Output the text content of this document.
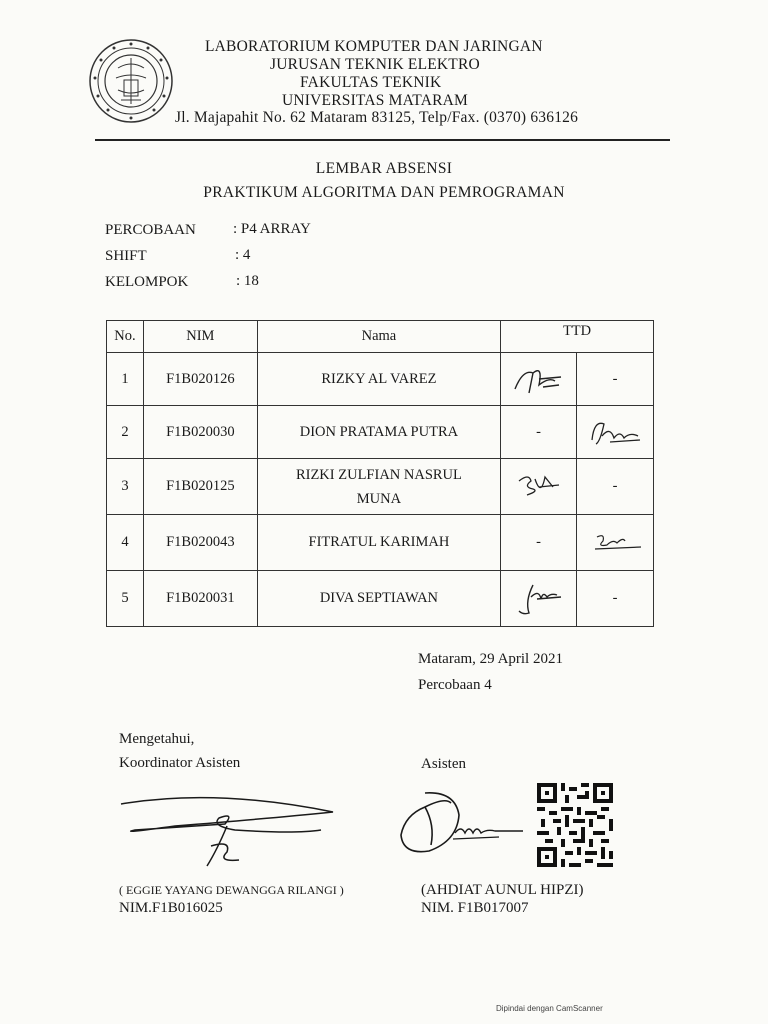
LABORATORIUM KOMPUTER DAN JARINGAN
JURUSAN TEKNIK ELEKTRO
FAKULTAS TEKNIK
UNIVERSITAS MATARAM
Jl. Majapahit No. 62 Mataram 83125, Telp/Fax. (0370) 636126
LEMBAR ABSENSI
PRAKTIKUM ALGORITMA DAN PEMROGRAMAN
PERCOBAAN : P4 ARRAY
SHIFT	: 4
KELOMPOK	: 18
No.	NIM	Nama	TTD	
1	F1B020126	RIZKY AL VAREZ		-
2	F1B020030	DION PRATAMA PUTRA	-	

3	F1B020125	RIZKI ZULFIAN NASRUL
MUNA		-
4	F1B020043	FITRATUL KARIMAH	-	

5	F1B020031	DIVA SEPTIAWAN		-
Mataram, 29 April 2021
Percobaan 4
Mengetahui,
Koordinator Asisten
( EGGIE YAYANG DEWANGGA RILANGI )
NIM.F1B016025
Asisten
(AHDIAT AUNUL HIPZI)
NIM. F1B017007
Dipindai dengan CamScanner
